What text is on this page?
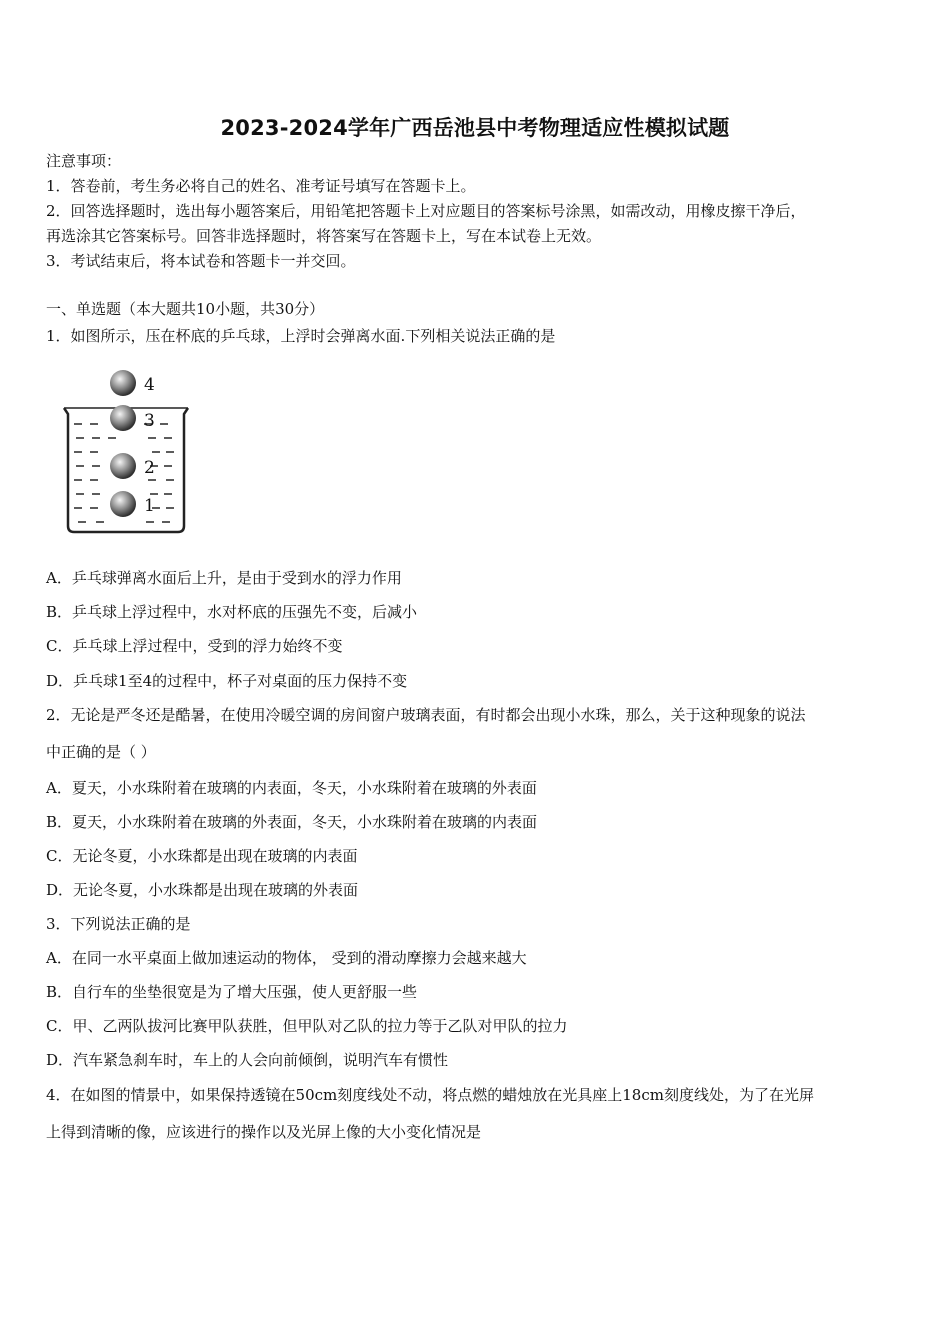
2023-2024学年广西岳池县中考物理适应性模拟试题
注意事项：
1．答卷前，考生务必将自己的姓名、准考证号填写在答题卡上。
2．回答选择题时，选出每小题答案后，用铅笔把答题卡上对应题目的答案标号涂黑，如需改动，用橡皮擦干净后，
再选涂其它答案标号。回答非选择题时，将答案写在答题卡上，写在本试卷上无效。
3．考试结束后，将本试卷和答题卡一并交回。
一、单选题（本大题共10小题，共30分）
1．如图所示，压在杯底的乒乓球，上浮时会弹离水面.下列相关说法正确的是
4
3
2
1
A．乒乓球弹离水面后上升，是由于受到水的浮力作用
B．乒乓球上浮过程中，水对杯底的压强先不变，后减小
C．乒乓球上浮过程中，受到的浮力始终不变
D．乒乓球1至4的过程中，杯子对桌面的压力保持不变
2．无论是严冬还是酷暑，在使用冷暖空调的房间窗户玻璃表面，有时都会出现小水珠，那么，关于这种现象的说法
中正确的是（ ）
A．夏天，小水珠附着在玻璃的内表面，冬天，小水珠附着在玻璃的外表面
B．夏天，小水珠附着在玻璃的外表面，冬天，小水珠附着在玻璃的内表面
C．无论冬夏，小水珠都是出现在玻璃的内表面
D．无论冬夏，小水珠都是出现在玻璃的外表面
3．下列说法正确的是
A．在同一水平桌面上做加速运动的物体， 受到的滑动摩擦力会越来越大
B．自行车的坐垫很宽是为了增大压强，使人更舒服一些
C．甲、乙两队拔河比赛甲队获胜，但甲队对乙队的拉力等于乙队对甲队的拉力
D．汽车紧急刹车时，车上的人会向前倾倒，说明汽车有惯性
4．在如图的情景中，如果保持透镜在50cm刻度线处不动，将点燃的蜡烛放在光具座上18cm刻度线处，为了在光屏
上得到清晰的像，应该进行的操作以及光屏上像的大小变化情况是
